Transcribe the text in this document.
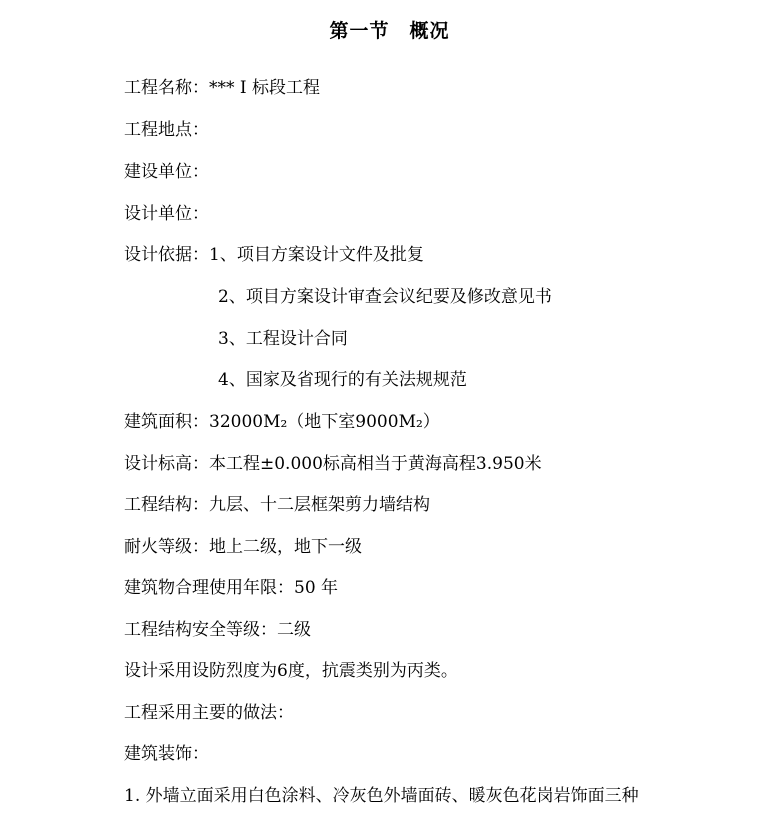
第一节　概况
工程名称：*** Ⅰ 标段工程
工程地点：
建设单位：
设计单位：
设计依据：1、项目方案设计文件及批复
2、项目方案设计审查会议纪要及修改意见书
3、工程设计合同
4、国家及省现行的有关法规规范
建筑面积：32000M₂（地下室9000M₂）
设计标高：本工程±0.000标高相当于黄海高程3.950米
工程结构：九层、十二层框架剪力墙结构
耐火等级：地上二级，地下一级
建筑物合理使用年限：50 年
工程结构安全等级：二级
设计采用设防烈度为6度，抗震类别为丙类。
工程采用主要的做法：
建筑装饰：
1. 外墙立面采用白色涂料、冷灰色外墙面砖、暖灰色花岗岩饰面三种
